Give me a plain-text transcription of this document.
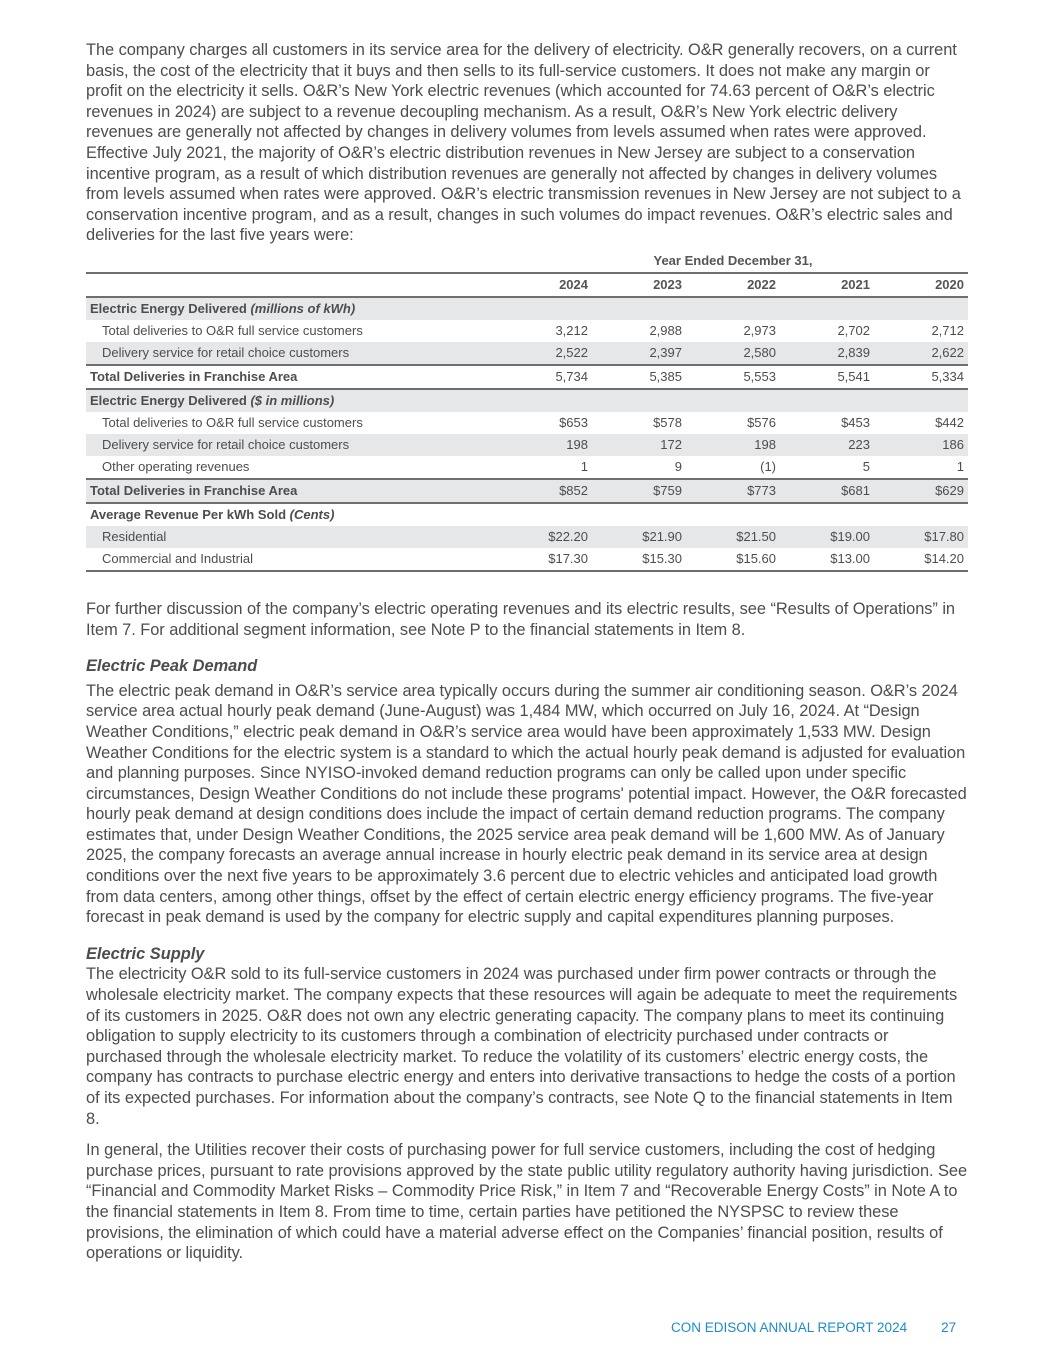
The company charges all customers in its service area for the delivery of electricity. O&R generally recovers, on a current basis, the cost of the electricity that it buys and then sells to its full-service customers. It does not make any margin or profit on the electricity it sells. O&R’s New York electric revenues (which accounted for 74.63 percent of O&R’s electric revenues in 2024) are subject to a revenue decoupling mechanism. As a result, O&R’s New York electric delivery revenues are generally not affected by changes in delivery volumes from levels assumed when rates were approved. Effective July 2021, the majority of O&R’s electric distribution revenues in New Jersey are subject to a conservation incentive program, as a result of which distribution revenues are generally not affected by changes in delivery volumes from levels assumed when rates were approved. O&R’s electric transmission revenues in New Jersey are not subject to a conservation incentive program, and as a result, changes in such volumes do impact revenues. O&R’s electric sales and deliveries for the last five years were:

	Year Ended December 31,				
	2024	2023	2022	2021	2020
Electric Energy Delivered (millions of kWh)					
Total deliveries to O&R full service customers	3,212	2,988	2,973	2,702	2,712
Delivery service for retail choice customers	2,522	2,397	2,580	2,839	2,622
Total Deliveries in Franchise Area	5,734	5,385	5,553	5,541	5,334
Electric Energy Delivered ($ in millions)					
Total deliveries to O&R full service customers	$653	$578	$576	$453	$442
Delivery service for retail choice customers	198	172	198	223	186
Other operating revenues	1	9	(1)	5	1
Total Deliveries in Franchise Area	$852	$759	$773	$681	$629
Average Revenue Per kWh Sold (Cents)					
Residential	$22.20	$21.90	$21.50	$19.00	$17.80
Commercial and Industrial	$17.30	$15.30	$15.60	$13.00	$14.20

For further discussion of the company’s electric operating revenues and its electric results, see “Results of Operations” in Item 7. For additional segment information, see Note P to the financial statements in Item 8.

Electric Peak Demand

The electric peak demand in O&R’s service area typically occurs during the summer air conditioning season. O&R’s 2024 service area actual hourly peak demand (June-August) was 1,484 MW, which occurred on July 16, 2024. At “Design Weather Conditions,” electric peak demand in O&R’s service area would have been approximately 1,533 MW. Design Weather Conditions for the electric system is a standard to which the actual hourly peak demand is adjusted for evaluation and planning purposes. Since NYISO-invoked demand reduction programs can only be called upon under specific circumstances, Design Weather Conditions do not include these programs' potential impact. However, the O&R forecasted hourly peak demand at design conditions does include the impact of certain demand reduction programs. The company estimates that, under Design Weather Conditions, the 2025 service area peak demand will be 1,600 MW. As of January 2025, the company forecasts an average annual increase in hourly electric peak demand in its service area at design conditions over the next five years to be approximately 3.6 percent due to electric vehicles and anticipated load growth from data centers, among other things, offset by the effect of certain electric energy efficiency programs. The five-year forecast in peak demand is used by the company for electric supply and capital expenditures planning purposes.

Electric Supply

The electricity O&R sold to its full-service customers in 2024 was purchased under firm power contracts or through the wholesale electricity market. The company expects that these resources will again be adequate to meet the requirements of its customers in 2025. O&R does not own any electric generating capacity. The company plans to meet its continuing obligation to supply electricity to its customers through a combination of electricity purchased under contracts or purchased through the wholesale electricity market. To reduce the volatility of its customers’ electric energy costs, the company has contracts to purchase electric energy and enters into derivative transactions to hedge the costs of a portion of its expected purchases. For information about the company’s contracts, see Note Q to the financial statements in Item 8.

In general, the Utilities recover their costs of purchasing power for full service customers, including the cost of hedging purchase prices, pursuant to rate provisions approved by the state public utility regulatory authority having jurisdiction. See “Financial and Commodity Market Risks – Commodity Price Risk,” in Item 7 and “Recoverable Energy Costs” in Note A to the financial statements in Item 8. From time to time, certain parties have petitioned the NYSPSC to review these provisions, the elimination of which could have a material adverse effect on the Companies’ financial position, results of operations or liquidity.

CON EDISON ANNUAL REPORT 2024	27
